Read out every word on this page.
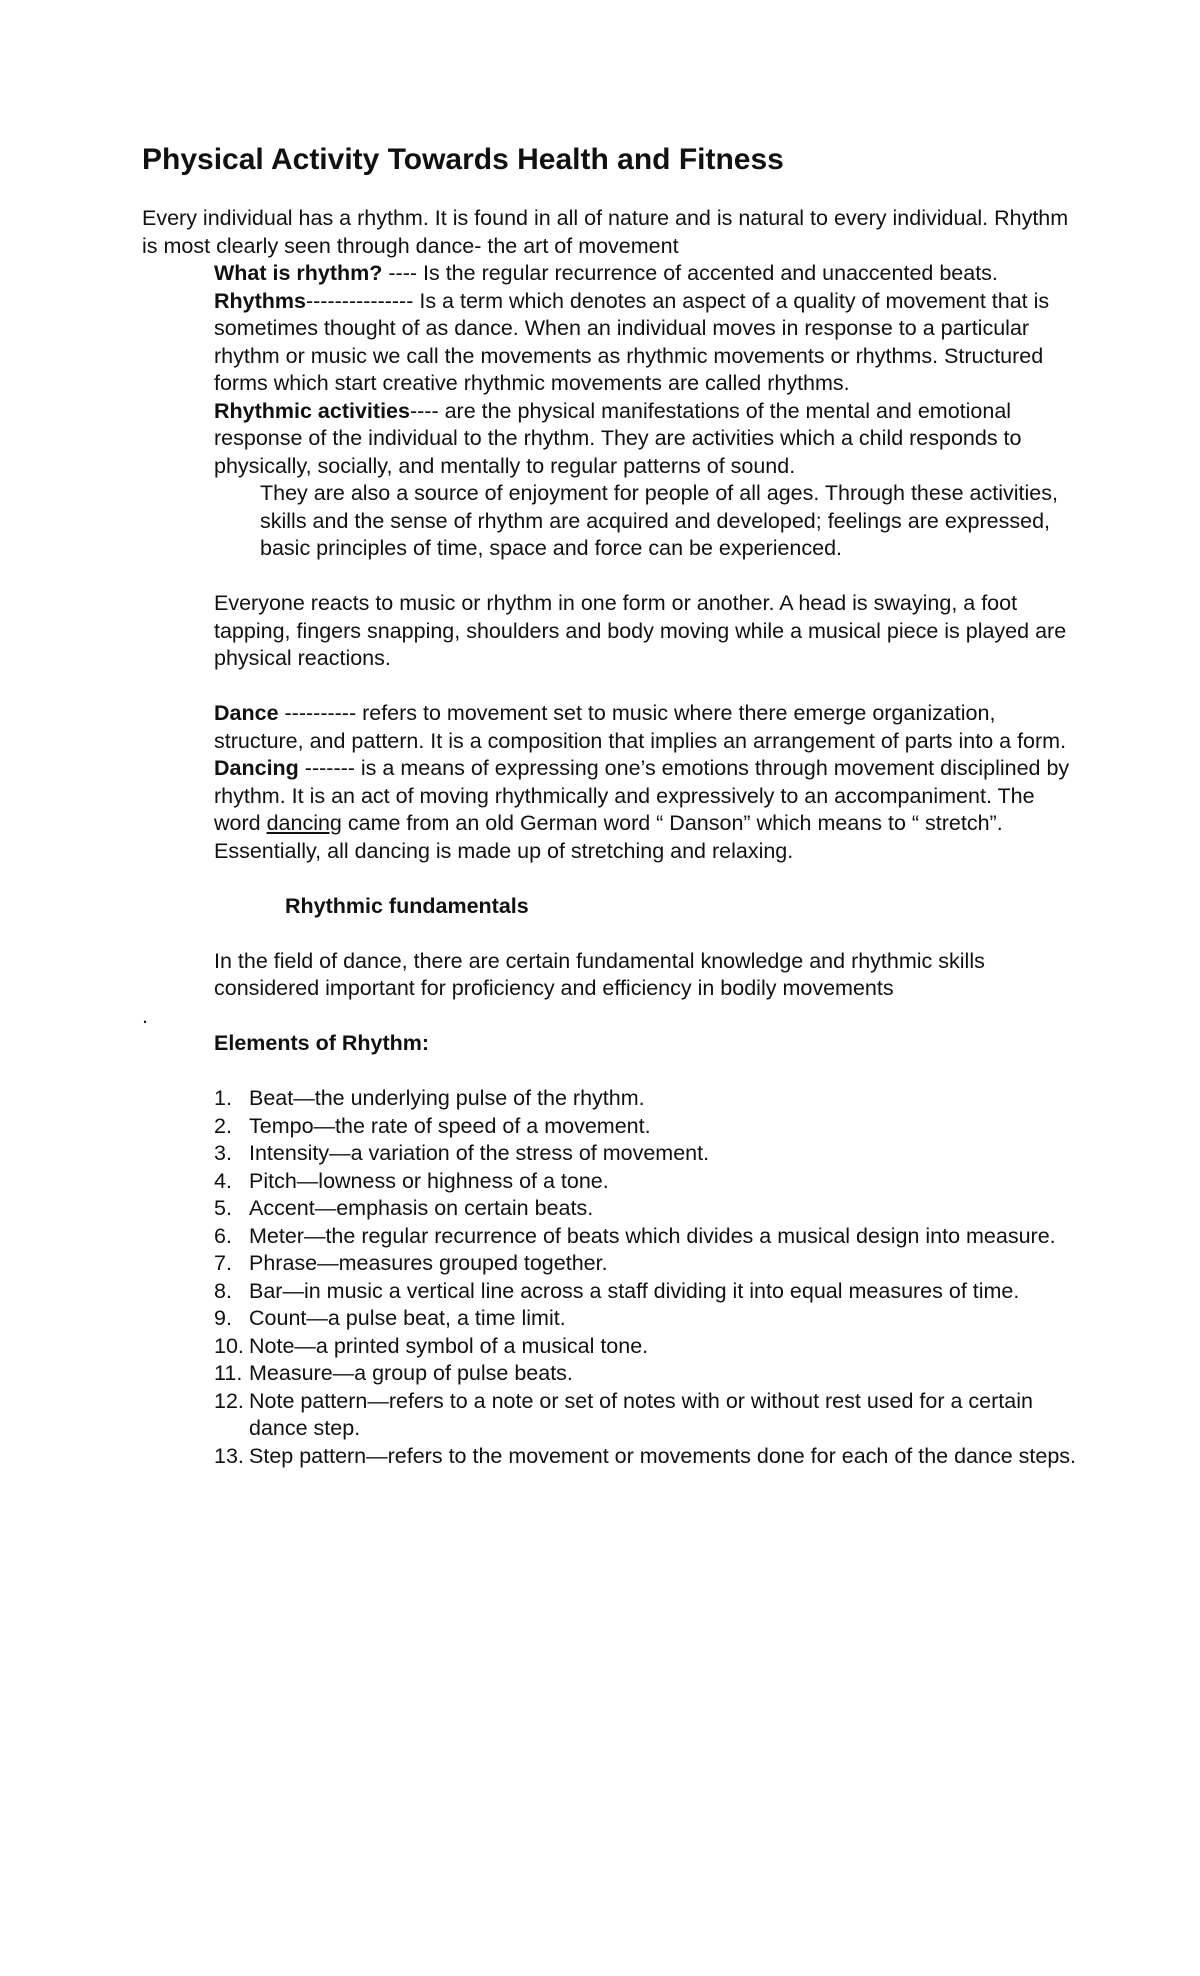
Physical Activity Towards Health and Fitness

Every individual has a rhythm. It is found in all of nature and is natural to every individual. Rhythm is most clearly seen through dance- the art of movement

What is rhythm? ---- Is the regular recurrence of accented and unaccented beats.

Rhythms--------------- Is a term which denotes an aspect of a quality of movement that is sometimes thought of as dance. When an individual moves in response to a particular rhythm or music we call the movements as rhythmic movements or rhythms. Structured forms which start creative rhythmic movements are called rhythms.

Rhythmic activities---- are the physical manifestations of the mental and emotional response of the individual to the rhythm. They are activities which a child responds to physically, socially, and mentally to regular patterns of sound.

They are also a source of enjoyment for people of all ages. Through these activities, skills and the sense of rhythm are acquired and developed; feelings are expressed, basic principles of time, space and force can be experienced.

Everyone reacts to music or rhythm in one form or another. A head is swaying, a foot tapping, fingers snapping, shoulders and body moving while a musical piece is played are physical reactions.

Dance ---------- refers to movement set to music where there emerge organization, structure, and pattern. It is a composition that implies an arrangement of parts into a form.

Dancing ------- is a means of expressing one’s emotions through movement disciplined by rhythm. It is an act of moving rhythmically and expressively to an accompaniment. The word dancing came from an old German word “ Danson” which means to “ stretch”. Essentially, all dancing is made up of stretching and relaxing.

Rhythmic fundamentals

In the field of dance, there are certain fundamental knowledge and rhythmic skills considered important for proficiency and efficiency in bodily movements

.

Elements of Rhythm:

1. Beat—the underlying pulse of the rhythm.
2. Tempo—the rate of speed of a movement.
3. Intensity—a variation of the stress of movement.
4. Pitch—lowness or highness of a tone.
5. Accent—emphasis on certain beats.
6. Meter—the regular recurrence of beats which divides a musical design into measure.
7. Phrase—measures grouped together.
8. Bar—in music a vertical line across a staff dividing it into equal measures of time.
9. Count—a pulse beat, a time limit.
10. Note—a printed symbol of a musical tone.
11. Measure—a group of pulse beats.
12. Note pattern—refers to a note or set of notes with or without rest used for a certain dance step.
13. Step pattern—refers to the movement or movements done for each of the dance steps.
